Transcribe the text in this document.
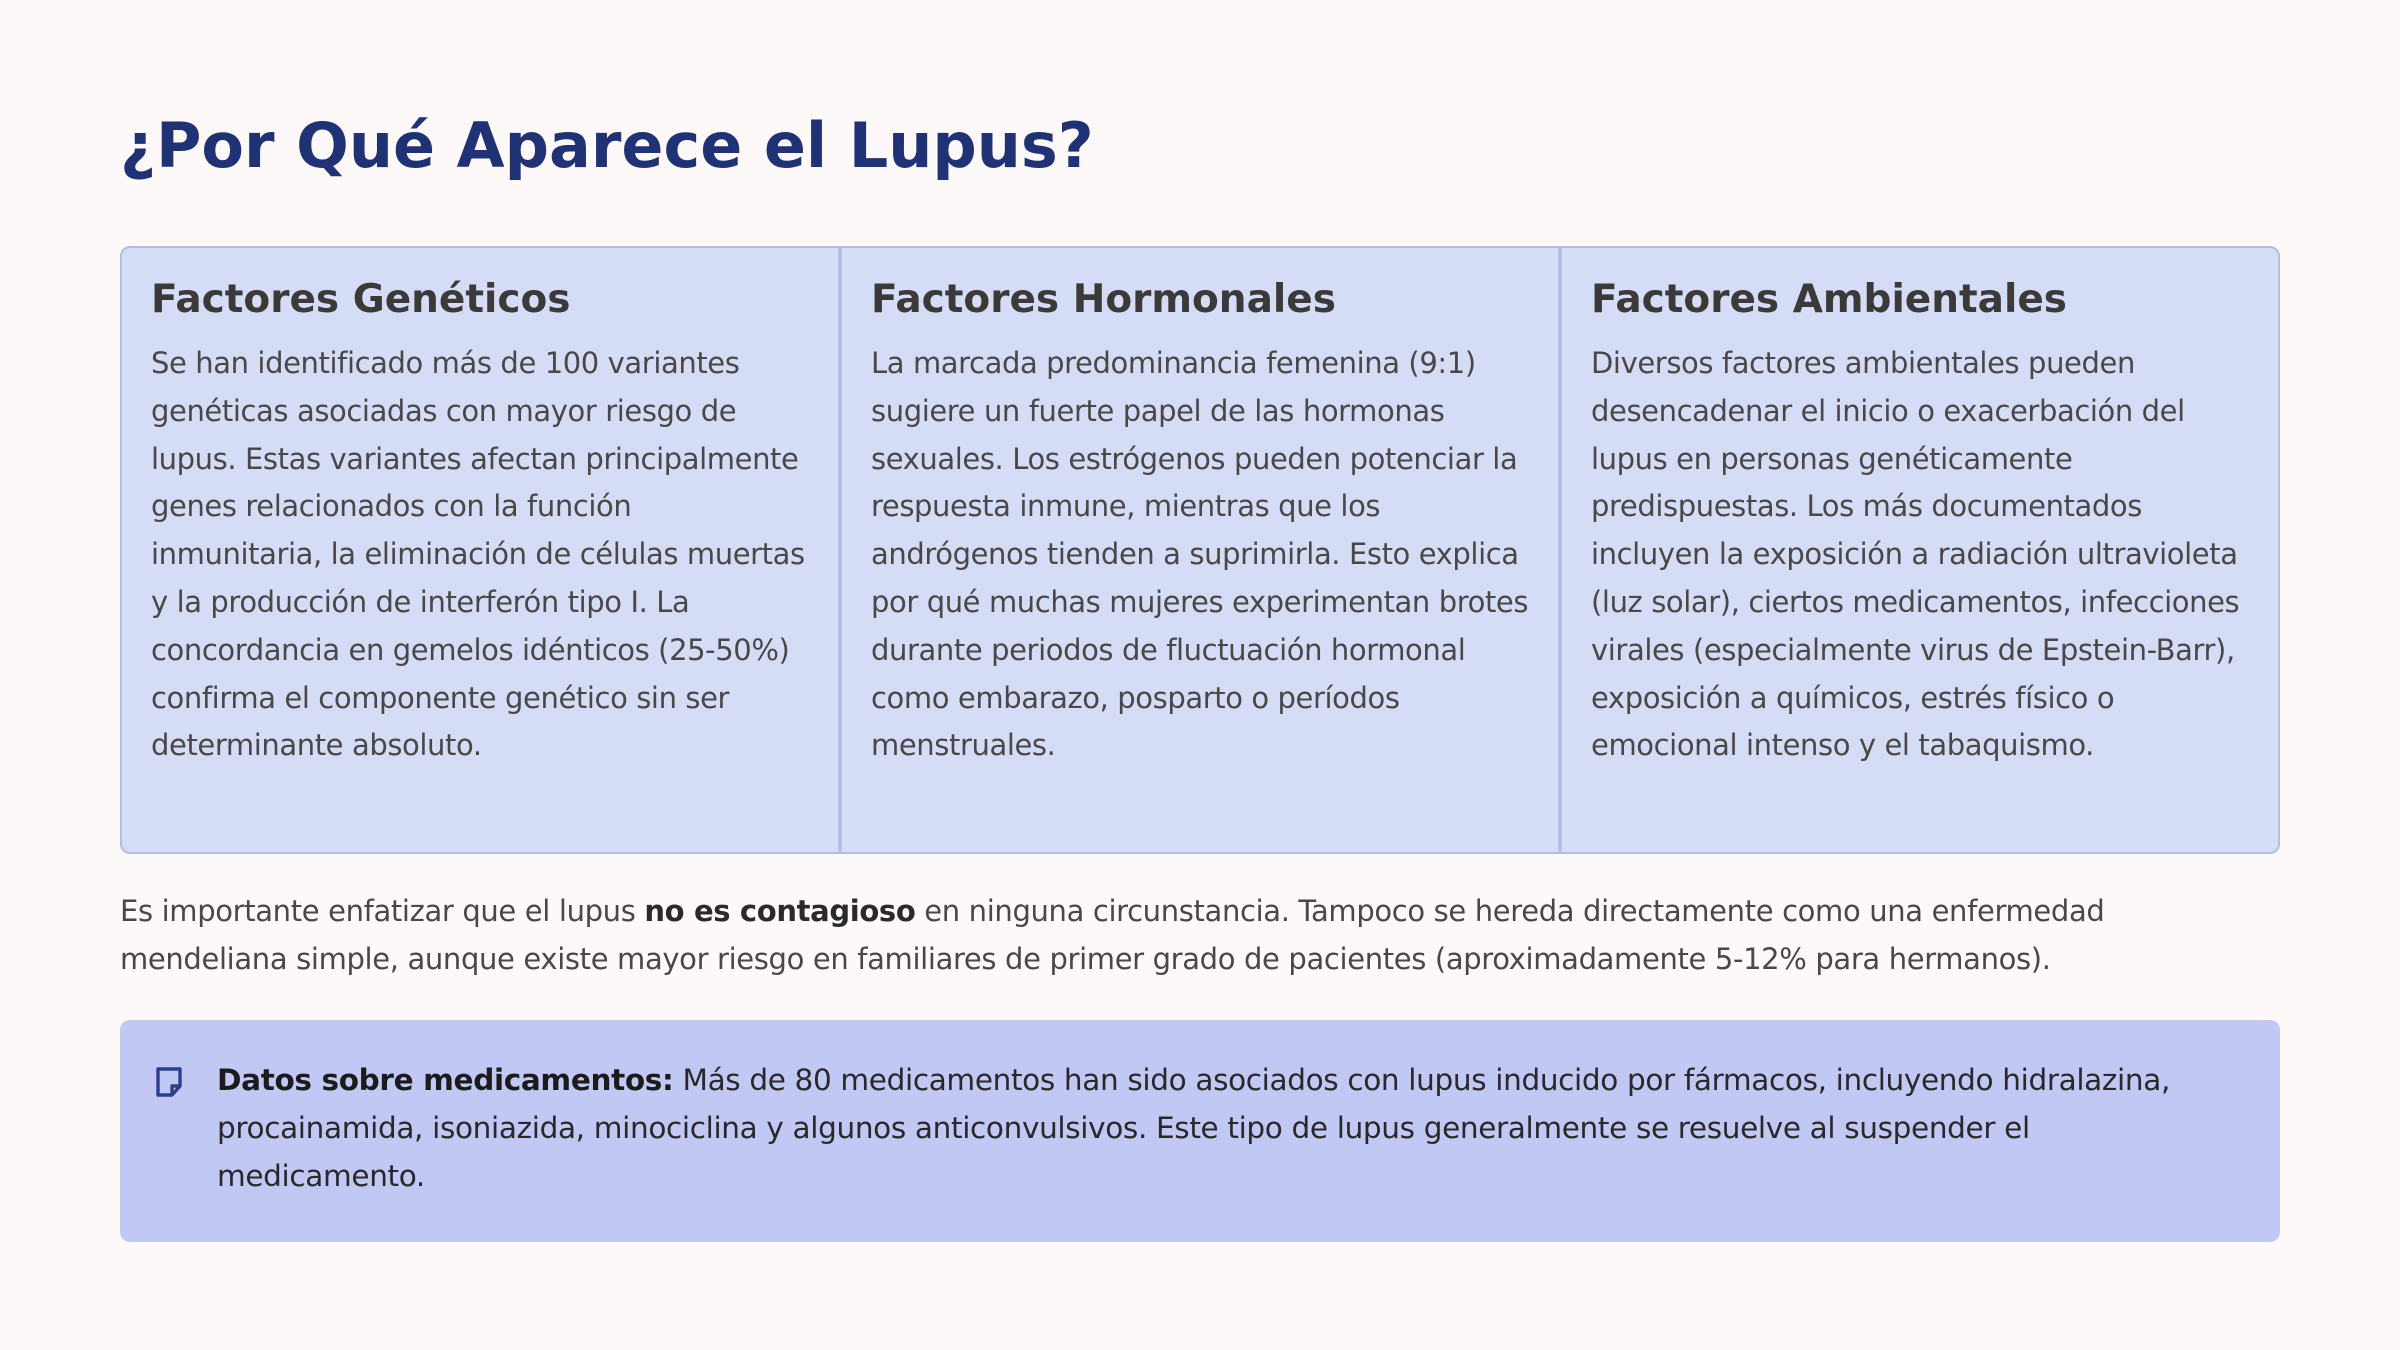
¿Por Qué Aparece el Lupus?
Factores Genéticos

Se han identificado más de 100 variantes genéticas asociadas con mayor riesgo de lupus. Estas variantes afectan principalmente genes relacionados con la función inmunitaria, la eliminación de células muertas y la producción de interferón tipo I. La concordancia en gemelos idénticos (25-50%) confirma el componente genético sin ser determinante absoluto.

Factores Hormonales

La marcada predominancia femenina (9:1) sugiere un fuerte papel de las hormonas sexuales. Los estrógenos pueden potenciar la respuesta inmune, mientras que los andrógenos tienden a suprimirla. Esto explica por qué muchas mujeres experimentan brotes durante periodos de fluctuación hormonal como embarazo, posparto o períodos menstruales.

Factores Ambientales

Diversos factores ambientales pueden desencadenar el inicio o exacerbación del lupus en personas genéticamente predispuestas. Los más documentados incluyen la exposición a radiación ultravioleta (luz solar), ciertos medicamentos, infecciones virales (especialmente virus de Epstein-Barr), exposición a químicos, estrés físico o emocional intenso y el tabaquismo.

Es importante enfatizar que el lupus no es contagioso en ninguna circunstancia. Tampoco se hereda directamente como una enfermedad mendeliana simple, aunque existe mayor riesgo en familiares de primer grado de pacientes (aproximadamente 5-12% para hermanos).

Datos sobre medicamentos: Más de 80 medicamentos han sido asociados con lupus inducido por fármacos, incluyendo hidralazina, procainamida, isoniazida, minociclina y algunos anticonvulsivos. Este tipo de lupus generalmente se resuelve al suspender el medicamento.
